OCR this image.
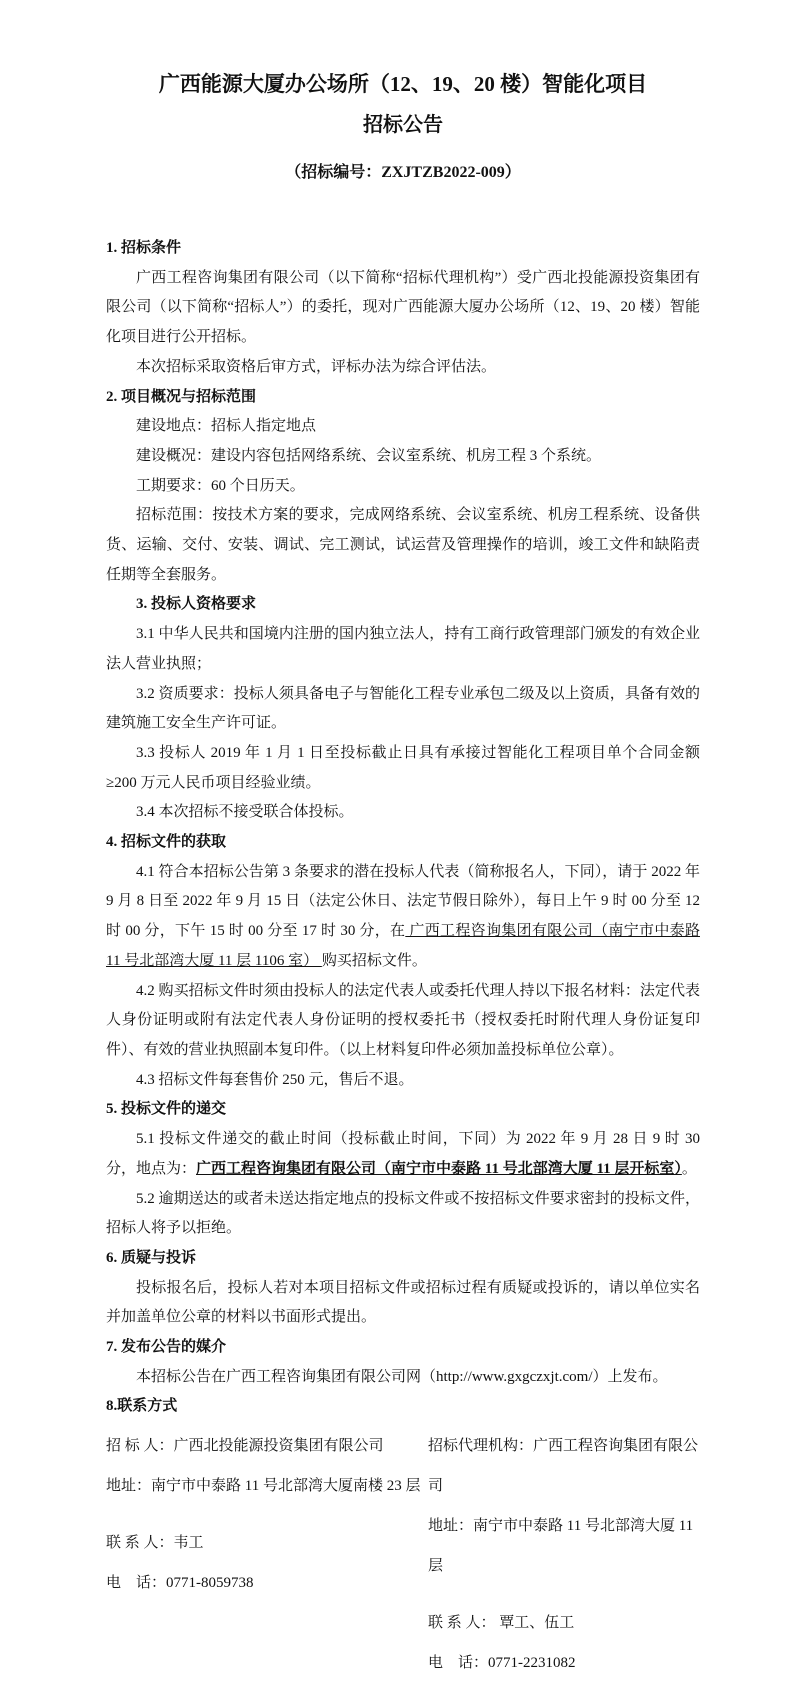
广西能源大厦办公场所（12、19、20 楼）智能化项目

招标公告

（招标编号：ZXJTZB2022-009）

1. 招标条件

广西工程咨询集团有限公司（以下简称“招标代理机构”）受广西北投能源投资集团有限公司（以下简称“招标人”）的委托，现对广西能源大厦办公场所（12、19、20 楼）智能化项目进行公开招标。

本次招标采取资格后审方式，评标办法为综合评估法。

2. 项目概况与招标范围

建设地点：招标人指定地点

建设概况：建设内容包括网络系统、会议室系统、机房工程 3 个系统。

工期要求：60 个日历天。

招标范围：按技术方案的要求，完成网络系统、会议室系统、机房工程系统、设备供货、运输、交付、安装、调试、完工测试，试运营及管理操作的培训，竣工文件和缺陷责任期等全套服务。

3. 投标人资格要求

3.1 中华人民共和国境内注册的国内独立法人，持有工商行政管理部门颁发的有效企业法人营业执照；

3.2 资质要求：投标人须具备电子与智能化工程专业承包二级及以上资质，具备有效的建筑施工安全生产许可证。

3.3 投标人 2019 年 1 月 1 日至投标截止日具有承接过智能化工程项目单个合同金额≥200 万元人民币项目经验业绩。

3.4 本次招标不接受联合体投标。

4. 招标文件的获取

4.1 符合本招标公告第 3 条要求的潜在投标人代表（简称报名人，下同），请于 2022 年 9 月 8 日至 2022 年 9 月 15 日（法定公休日、法定节假日除外），每日上午 9 时 00 分至 12 时 00 分，下午 15 时 00 分至 17 时 30 分，在 广西工程咨询集团有限公司（南宁市中泰路 11 号北部湾大厦 11 层 1106 室） 购买招标文件。

4.2 购买招标文件时须由投标人的法定代表人或委托代理人持以下报名材料：法定代表人身份证明或附有法定代表人身份证明的授权委托书（授权委托时附代理人身份证复印件）、有效的营业执照副本复印件。（以上材料复印件必须加盖投标单位公章）。

4.3 招标文件每套售价 250 元，售后不退。

5. 投标文件的递交

5.1 投标文件递交的截止时间（投标截止时间，下同）为 2022 年 9 月 28 日 9 时 30 分，地点为：广西工程咨询集团有限公司（南宁市中泰路 11 号北部湾大厦 11 层开标室）。

5.2 逾期送达的或者未送达指定地点的投标文件或不按招标文件要求密封的投标文件，招标人将予以拒绝。

6. 质疑与投诉

投标报名后，投标人若对本项目招标文件或招标过程有质疑或投诉的，请以单位实名并加盖单位公章的材料以书面形式提出。

7. 发布公告的媒介

本招标公告在广西工程咨询集团有限公司网（http://www.gxgczxjt.com/）上发布。

8.联系方式

招 标 人：广西北投能源投资集团有限公司

地址：南宁市中泰路 11 号北部湾大厦南楼 23 层

联 系 人：韦工

电    话：0771-8059738

招标代理机构：广西工程咨询集团有限公司

地址：南宁市中泰路 11 号北部湾大厦 11 层

联 系 人： 覃工、伍工

电    话：0771-2231082
